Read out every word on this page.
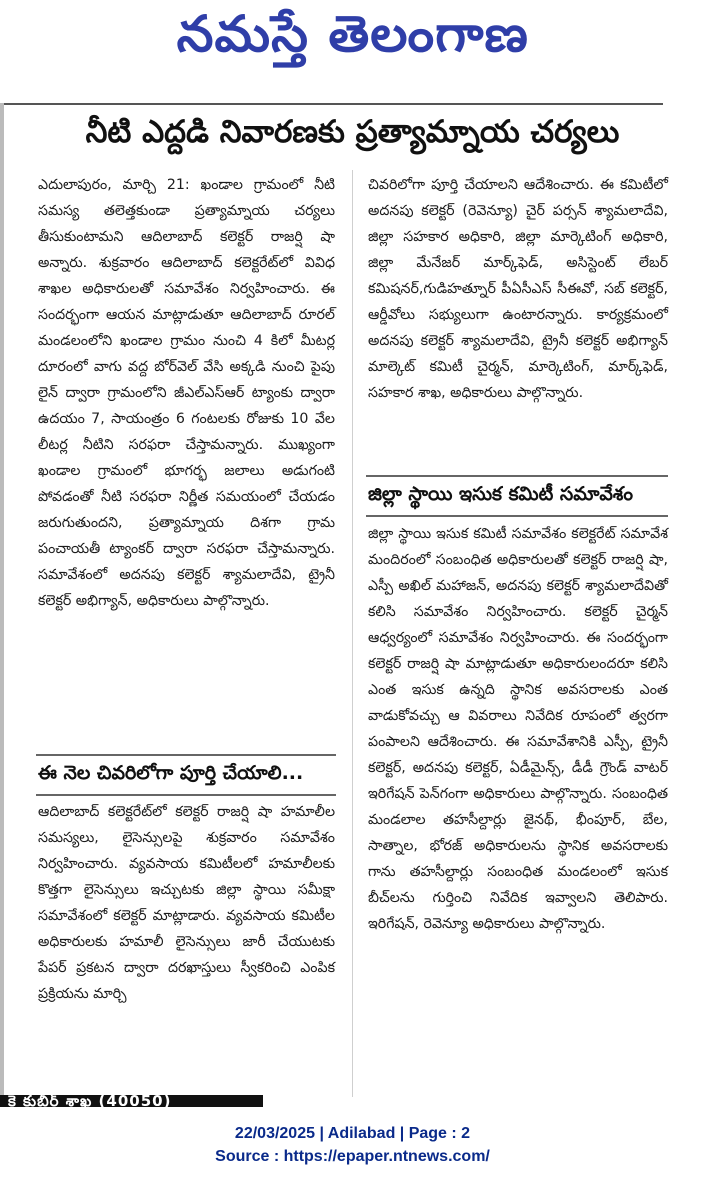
నమస్తే తెలంగాణ
నీటి ఎద్దడి నివారణకు ప్రత్యామ్నాయ చర్యలు

ఎదులాపురం, మార్చి 21: ఖండాల గ్రామంలో నీటి సమస్య తలెత్తకుండా ప్రత్యామ్నాయ చర్యలు తీసుకుంటామని ఆదిలాబాద్ కలెక్టర్ రాజర్షి షా అన్నారు. శుక్రవారం ఆదిలాబాద్ కలెక్టరేట్‌లో వివిధ శాఖల అధికారులతో సమావేశం నిర్వహించారు. ఈ సందర్భంగా ఆయన మాట్లాడుతూ ఆదిలాబాద్ రూరల్ మండలంలోని ఖండాల గ్రామం నుంచి 4 కిలో మీటర్ల దూరంలో వాగు వద్ద బోర్‌వెల్ వేసి అక్కడి నుంచి పైపు లైన్ ద్వారా గ్రామంలోని జీఎల్ఎస్ఆర్ ట్యాంకు ద్వారా ఉదయం 7, సాయంత్రం 6 గంటలకు రోజుకు 10 వేల లీటర్ల నీటిని సరఫరా చేస్తామన్నారు. ముఖ్యంగా ఖండాల గ్రామంలో భూగర్భ జలాలు అడుగంటి పోవడంతో నీటి సరఫరా నిర్ణీత సమయంలో చేయడం జరుగుతుందని, ప్రత్యామ్నాయ దిశగా గ్రామ పంచాయతీ ట్యాంకర్ ద్వారా సరఫరా చేస్తామన్నారు. సమావేశంలో అదనపు కలెక్టర్ శ్యామలాదేవి, ట్రైనీ కలెక్టర్ అభిగ్యాన్, అధికారులు పాల్గొన్నారు.

ఈ నెల చివరిలోగా పూర్తి చేయాలి...

ఆదిలాబాద్ కలెక్టరేట్‌లో కలెక్టర్ రాజర్షి షా హమాలీల సమస్యలు, లైసెన్సులపై శుక్రవారం సమావేశం నిర్వహించారు. వ్యవసాయ కమిటీలలో హమాలీలకు కొత్తగా లైసెన్సులు ఇచ్చుటకు జిల్లా స్థాయి సమీక్షా సమావేశంలో కలెక్టర్ మాట్లాడారు. వ్యవసాయ కమిటీల అధికారులకు హమాలీ లైసెన్సులు జారీ చేయుటకు పేపర్ ప్రకటన ద్వారా దరఖాస్తులు స్వీకరించి ఎంపిక ప్రక్రియను మార్చి

చివరిలోగా పూర్తి చేయాలని ఆదేశించారు. ఈ కమిటీలో అదనపు కలెక్టర్ (రెవెన్యూ) చైర్ పర్సన్ శ్యామలాదేవి, జిల్లా సహకార అధికారి, జిల్లా మార్కెటింగ్ అధికారి, జిల్లా మేనేజర్ మార్క్‌ఫెడ్, అసిస్టెంట్ లేబర్ కమిషనర్,గుడిహత్నూర్ పీఏసీఎస్ సీఈవో, సబ్ కలెక్టర్, ఆర్డీవోలు సభ్యులుగా ఉంటారన్నారు. కార్యక్రమంలో అదనపు కలెక్టర్ శ్యామలాదేవి, ట్రైనీ కలెక్టర్ అభిగ్యాన్ మాల్కెట్ కమిటీ చైర్మన్, మార్కెటింగ్, మార్క్‌ఫెడ్, సహకార శాఖ, అధికారులు పాల్గొన్నారు.

జిల్లా స్థాయి ఇసుక కమిటీ సమావేశం

జిల్లా స్థాయి ఇసుక కమిటీ సమావేశం కలెక్టరేట్ సమావేశ మందిరంలో సంబంధిత అధికారులతో కలెక్టర్ రాజర్షి షా, ఎస్పీ అఖిల్ మహాజన్, అదనపు కలెక్టర్ శ్యామలాదేవితో కలిసి సమావేశం నిర్వహించారు. కలెక్టర్ చైర్మన్ ఆధ్వర్యంలో సమావేశం నిర్వహించారు. ఈ సందర్భంగా కలెక్టర్ రాజర్షి షా మాట్లాడుతూ అధికారులందరూ కలిసి ఎంత ఇసుక ఉన్నది స్థానిక అవసరాలకు ఎంత వాడుకోవచ్చు ఆ వివరాలు నివేదిక రూపంలో త్వరగా పంపాలని ఆదేశించారు. ఈ సమావేశానికి ఎస్పీ, ట్రైనీ కలెక్టర్, అదనపు కలెక్టర్, ఏడీమైన్స్, డీడీ గ్రౌండ్ వాటర్ ఇరిగేషన్ పెన్‌గంగా అధికారులు పాల్గొన్నారు. సంబంధిత మండలాల తహసీల్దార్లు జైనథ్, భీంపూర్, బేల, సాత్నాల, భోరజ్ అధికారులను స్థానిక అవసరాలకు గాను తహసీల్దార్లు సంబంధిత మండలంలో ఇసుక బీచ్‌లను గుర్తించి నివేదిక ఇవ్వాలని తెలిపారు. ఇరిగేషన్, రెవెన్యూ అధికారులు పాల్గొన్నారు.

కె కుబీర్ శాఖ (40050)
22/03/2025 | Adilabad | Page : 2
Source : https://epaper.ntnews.com/
